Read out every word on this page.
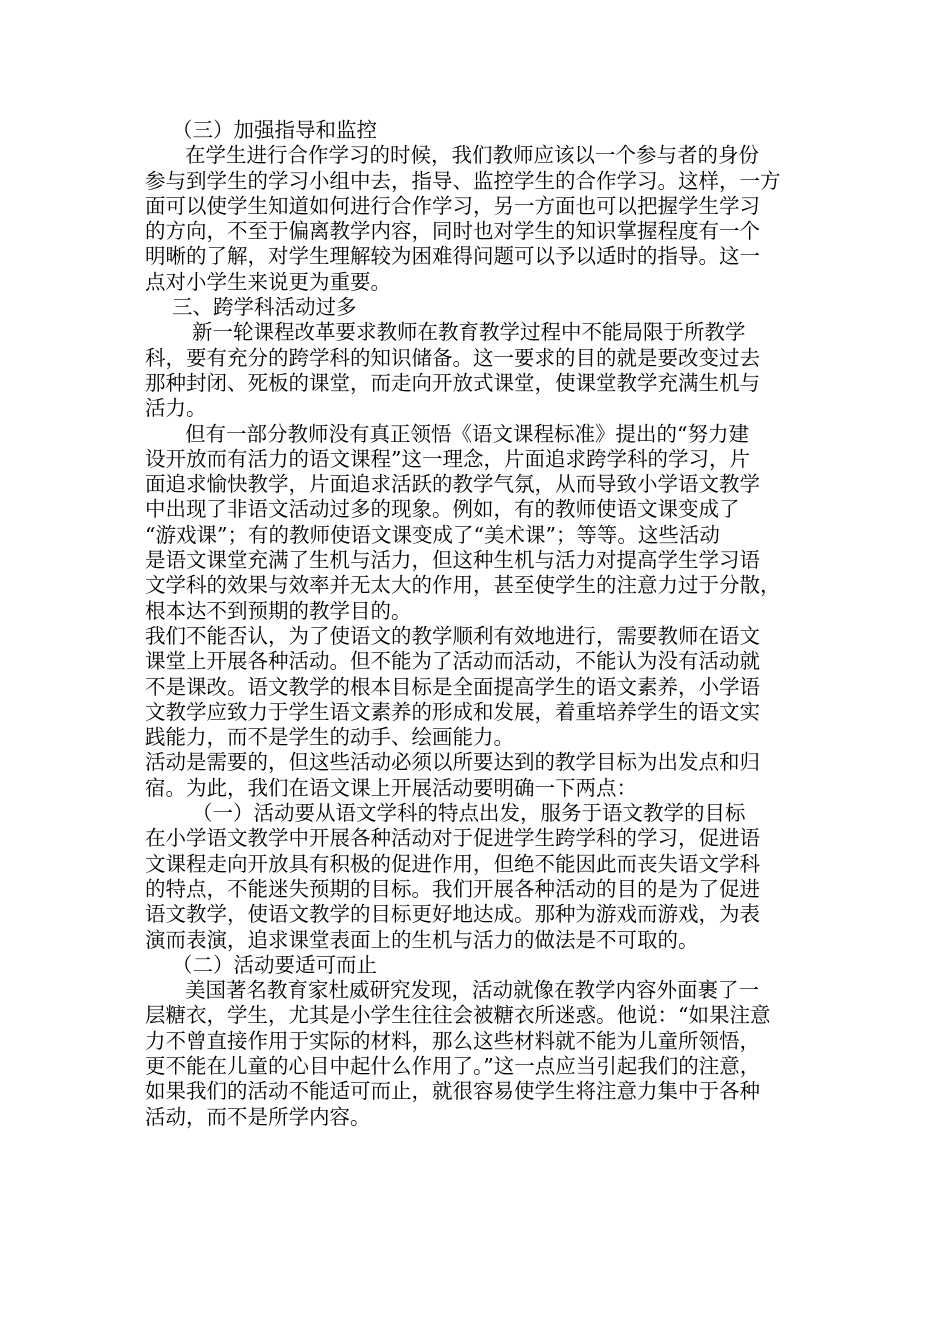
（三）加强指导和监控
在学生进行合作学习的时候，我们教师应该以一个参与者的身份
参与到学生的学习小组中去，指导、监控学生的合作学习。这样，一方
面可以使学生知道如何进行合作学习，另一方面也可以把握学生学习
的方向，不至于偏离教学内容，同时也对学生的知识掌握程度有一个
明晰的了解，对学生理解较为困难得问题可以予以适时的指导。这一
点对小学生来说更为重要。
三、跨学科活动过多
新一轮课程改革要求教师在教育教学过程中不能局限于所教学
科，要有充分的跨学科的知识储备。这一要求的目的就是要改变过去
那种封闭、死板的课堂，而走向开放式课堂，使课堂教学充满生机与
活力。
但有一部分教师没有真正领悟《语文课程标准》提出的“努力建
设开放而有活力的语文课程”这一理念，片面追求跨学科的学习，片
面追求愉快教学，片面追求活跃的教学气氛，从而导致小学语文教学
中出现了非语文活动过多的现象。例如，有的教师使语文课变成了
“游戏课”；有的教师使语文课变成了“美术课”；等等。这些活动
是语文课堂充满了生机与活力，但这种生机与活力对提高学生学习语
文学科的效果与效率并无太大的作用，甚至使学生的注意力过于分散，
根本达不到预期的教学目的。
我们不能否认，为了使语文的教学顺利有效地进行，需要教师在语文
课堂上开展各种活动。但不能为了活动而活动，不能认为没有活动就
不是课改。语文教学的根本目标是全面提高学生的语文素养，小学语
文教学应致力于学生语文素养的形成和发展，着重培养学生的语文实
践能力，而不是学生的动手、绘画能力。
活动是需要的，但这些活动必须以所要达到的教学目标为出发点和归
宿。为此，我们在语文课上开展活动要明确一下两点：
（一）活动要从语文学科的特点出发，服务于语文教学的目标
在小学语文教学中开展各种活动对于促进学生跨学科的学习，促进语
文课程走向开放具有积极的促进作用，但绝不能因此而丧失语文学科
的特点，不能迷失预期的目标。我们开展各种活动的目的是为了促进
语文教学，使语文教学的目标更好地达成。那种为游戏而游戏，为表
演而表演，追求课堂表面上的生机与活力的做法是不可取的。
（二）活动要适可而止
美国著名教育家杜威研究发现，活动就像在教学内容外面裹了一
层糖衣，学生，尤其是小学生往往会被糖衣所迷惑。他说：“如果注意
力不曾直接作用于实际的材料，那么这些材料就不能为儿童所领悟，
更不能在儿童的心目中起什么作用了。”这一点应当引起我们的注意，
如果我们的活动不能适可而止，就很容易使学生将注意力集中于各种
活动，而不是所学内容。
